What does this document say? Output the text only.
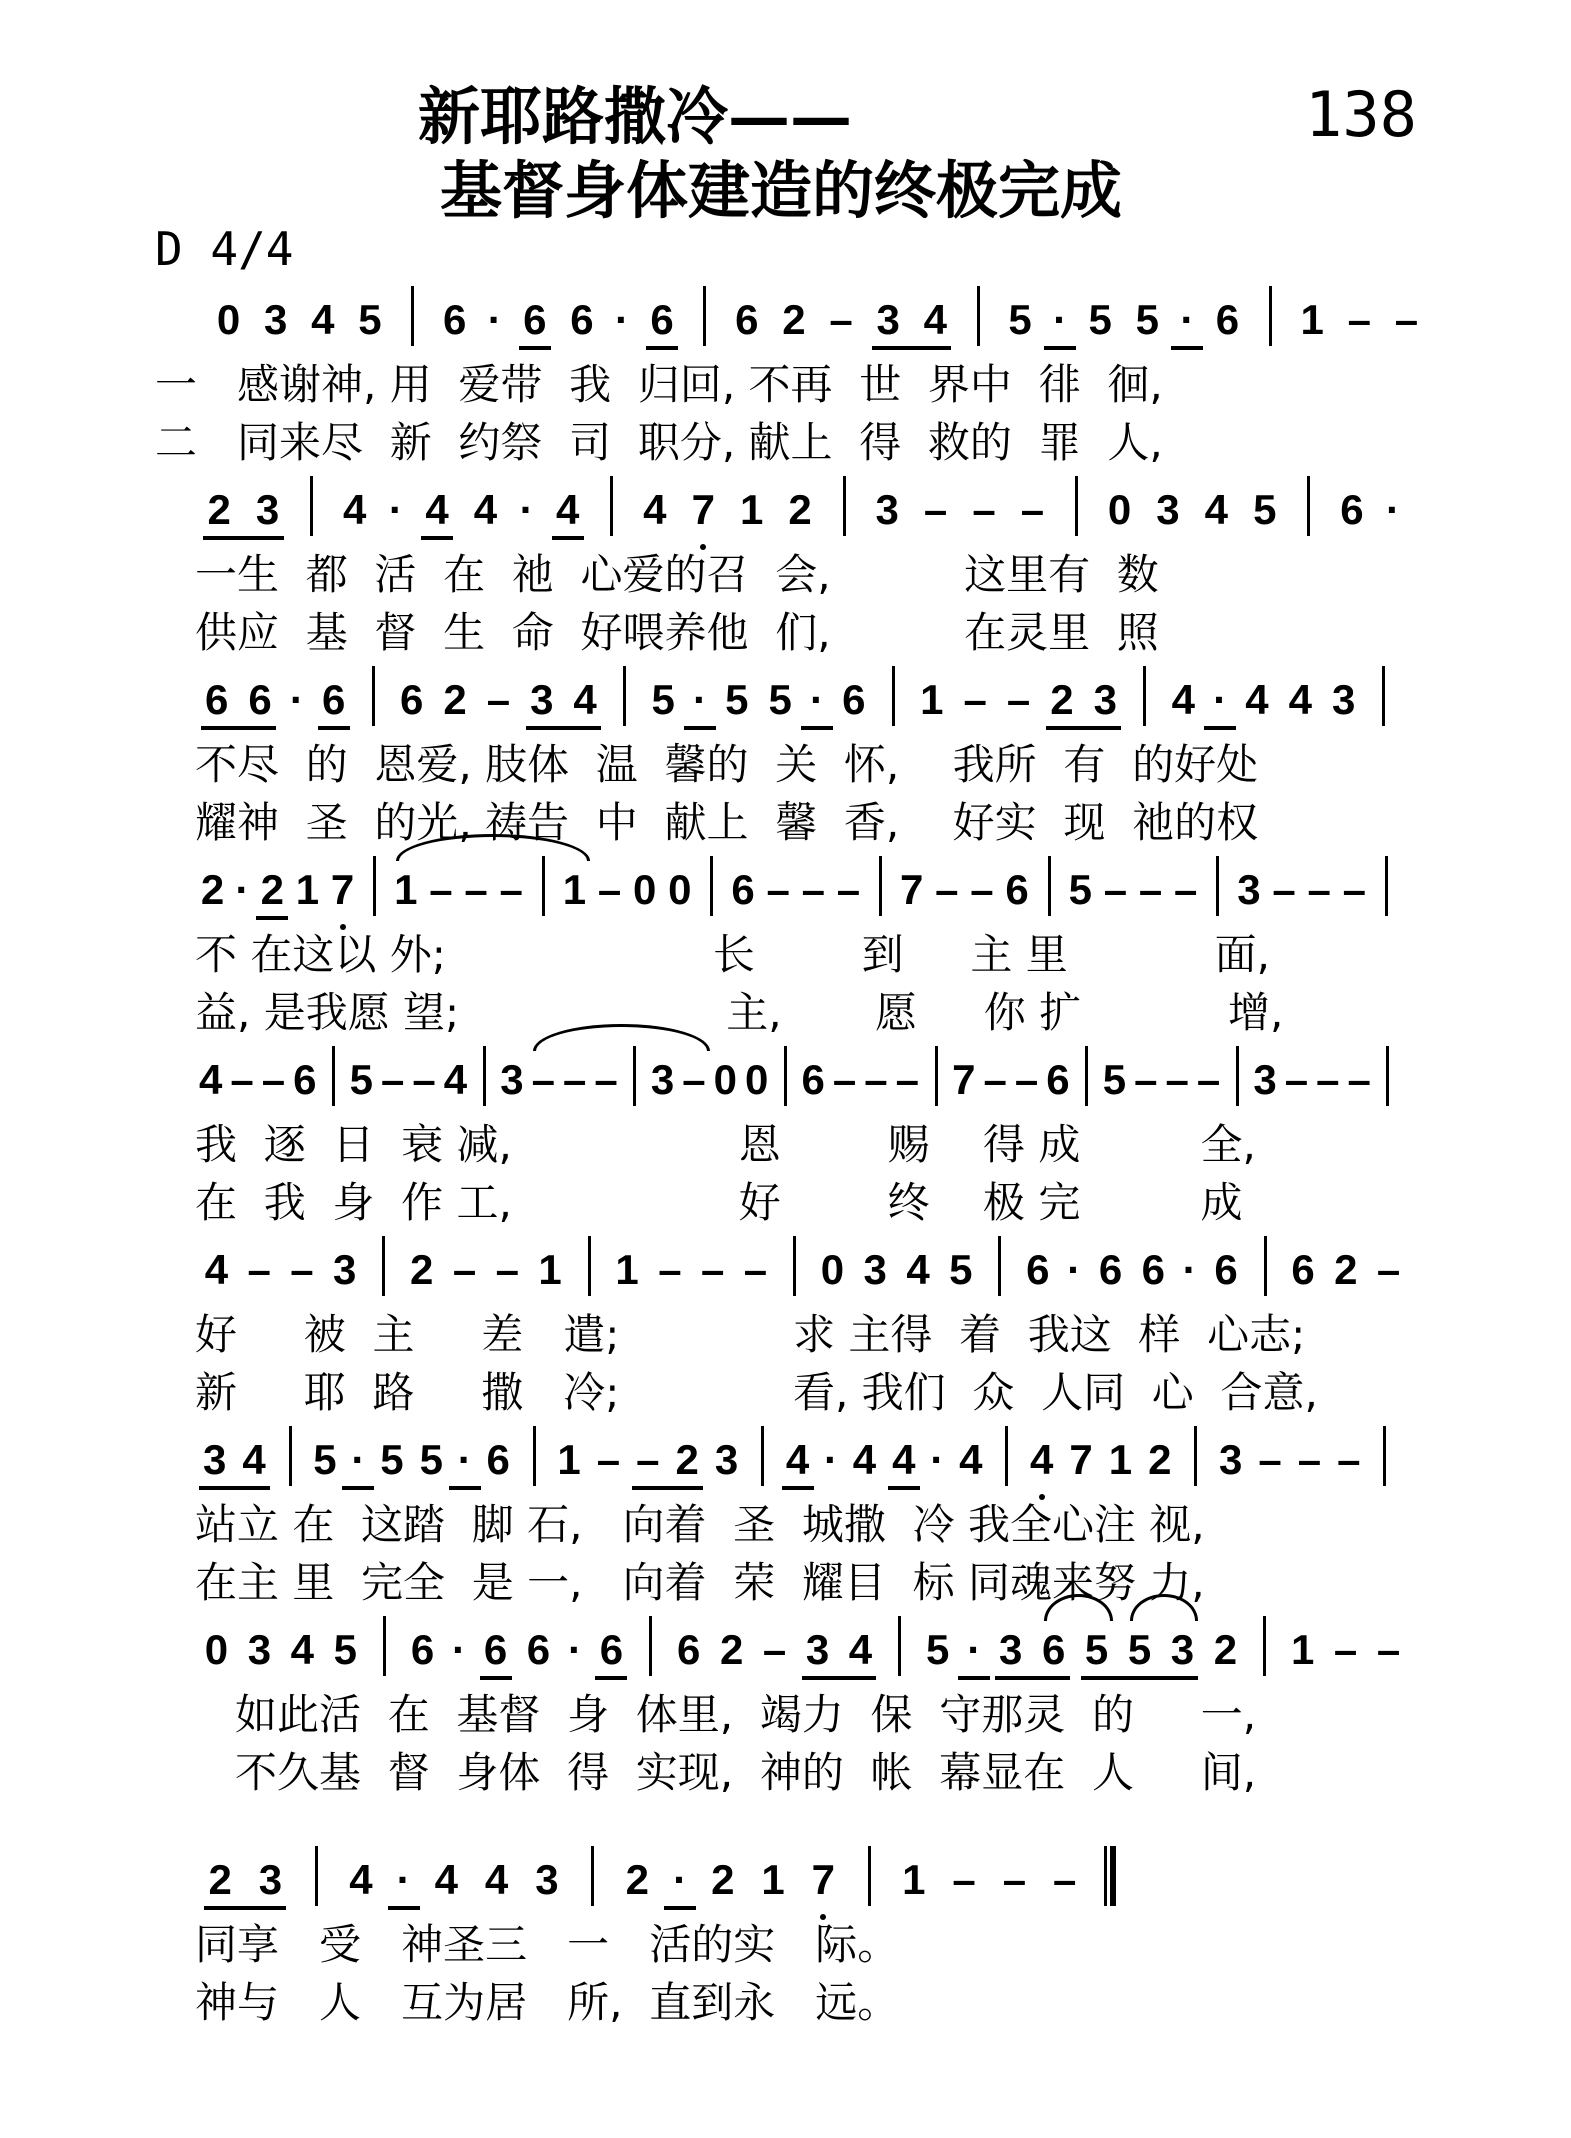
新耶路撒冷——
基督身体建造的终极完成
138
D 4/4
0 3 4 5 6 · 6 6 · 6 6 2 – 3 4 5 · 5 5 · 6 1 – –
一 感谢神, 用  爱带  我  归回, 不再  世  界中  徘  徊,
二 同来尽  新  约祭  司  职分, 献上  得  救的  罪  人,
2 3 4 · 4 4 · 4 4 7 1 2 3 – – – 0 3 4 5 6 ·
一生  都  活  在  祂  心爱的召  会,          这里有  数
供应  基  督  生  命  好喂养他  们,          在灵里  照
6 6 · 6 6 2 – 3 4 5 · 5 5 · 6 1 – – 2 3 4 · 4 4 3
不尽  的  恩爱, 肢体  温  馨的  关  怀,    我所  有  的好处
耀神  圣  的光, 祷告  中  献上  馨  香,    好实  现  祂的权
2 · 2 1 7 1 – – – 1 – 0 0 6 – – – 7 – – 6 5 – – – 3 – – –
不 在这以 外;                    长        到     主 里           面,
益, 是我愿 望;                    主,       愿     你 扩           增,
4 – – 6 5 – – 4 3 – – – 3 – 0 0 6 – – – 7 – – 6 5 – – – 3 – – –
我  逐  日  衰 减,                 恩        赐    得 成         全,
在  我  身  作 工,                 好        终    极 完         成
4 – – 3 2 – – 1 1 – – – 0 3 4 5 6 · 6 6 · 6 6 2 –
好     被  主     差   遣;             求 主得  着  我这  样  心志;
新     耶  路     撒   冷;             看, 我们  众  人同  心  合意,
3 4 5 · 5 5 · 6 1 – – 2 3 4 · 4 4 · 4 4 7 1 2 3 – – –
站立 在  这踏  脚 石,   向着  圣  城撒  冷 我全心注 视,
在主 里  完全  是 一,   向着  荣  耀目  标 同魂来努 力,
0 3 4 5 6 · 6 6 · 6 6 2 – 3 4 5 · 3 6 5 5 3 2 1 – –
如此活  在  基督  身  体里,  竭力  保  守那灵  的     一,
不久基  督  身体  得  实现,  神的  帐  幕显在  人     间,
2 3 4 · 4 4 3 2 · 2 1 7 1 – – –
同享   受   神圣三   一   活的实   际。
神与   人   互为居   所,  直到永   远。
